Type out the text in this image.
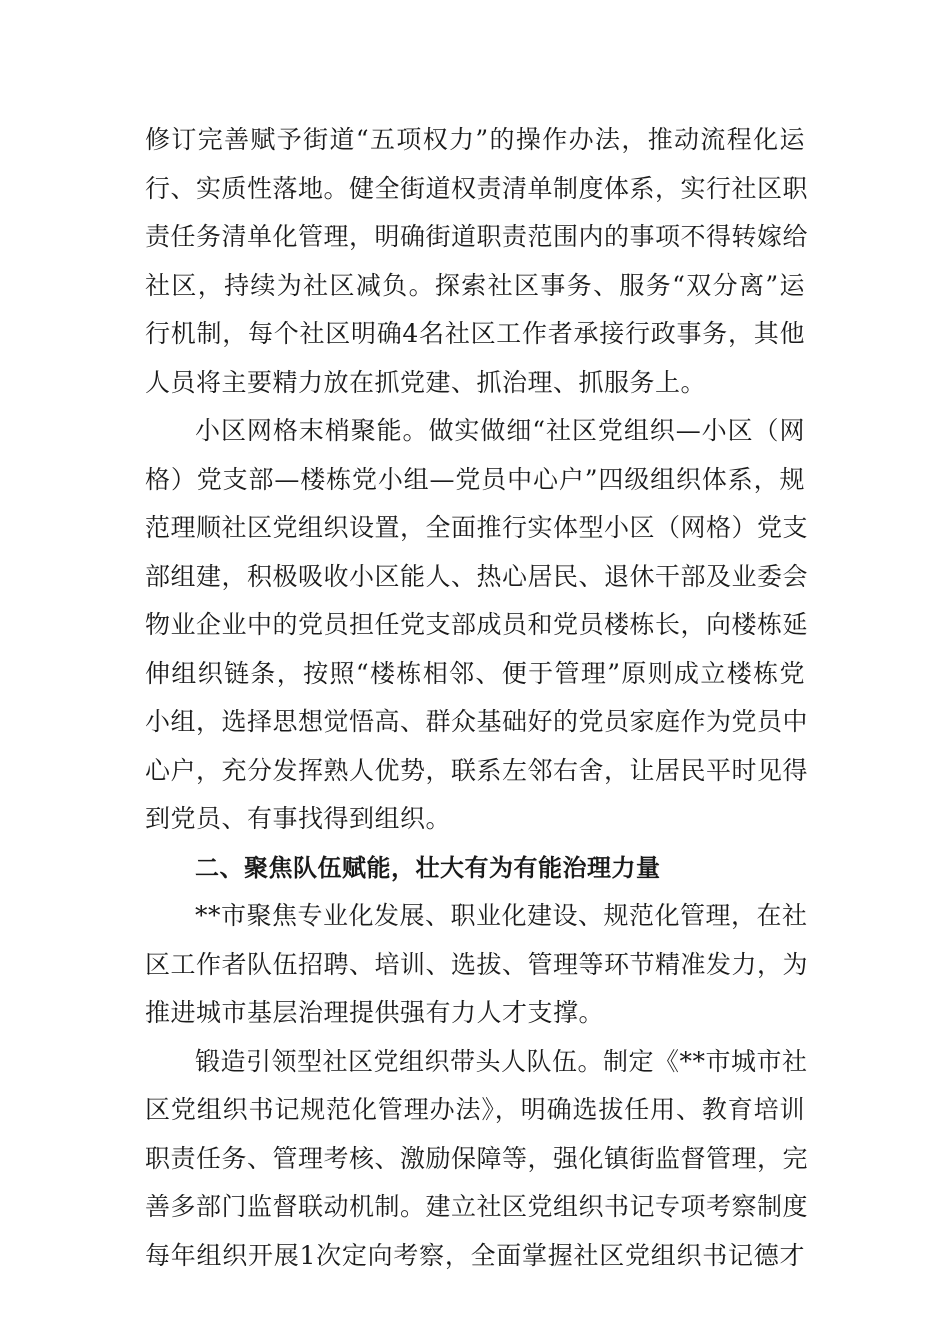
修订完善赋予街道“五项权力”的操作办法，推动流程化运
行、实质性落地。健全街道权责清单制度体系，实行社区职
责任务清单化管理，明确街道职责范围内的事项不得转嫁给
社区，持续为社区减负。探索社区事务、服务“双分离”运
行机制，每个社区明确4名社区工作者承接行政事务，其他
人员将主要精力放在抓党建、抓治理、抓服务上。
小区网格末梢聚能。做实做细“社区党组织—小区（网
格）党支部—楼栋党小组—党员中心户”四级组织体系，规
范理顺社区党组织设置，全面推行实体型小区（网格）党支
部组建，积极吸收小区能人、热心居民、退休干部及业委会
物业企业中的党员担任党支部成员和党员楼栋长，向楼栋延
伸组织链条，按照“楼栋相邻、便于管理”原则成立楼栋党
小组，选择思想觉悟高、群众基础好的党员家庭作为党员中
心户，充分发挥熟人优势，联系左邻右舍，让居民平时见得
到党员、有事找得到组织。
二、聚焦队伍赋能，壮大有为有能治理力量
**市聚焦专业化发展、职业化建设、规范化管理，在社
区工作者队伍招聘、培训、选拔、管理等环节精准发力，为
推进城市基层治理提供强有力人才支撑。
锻造引领型社区党组织带头人队伍。制定《**市城市社
区党组织书记规范化管理办法》，明确选拔任用、教育培训
职责任务、管理考核、激励保障等，强化镇街监督管理，完
善多部门监督联动机制。建立社区党组织书记专项考察制度
每年组织开展1次定向考察，全面掌握社区党组织书记德才
